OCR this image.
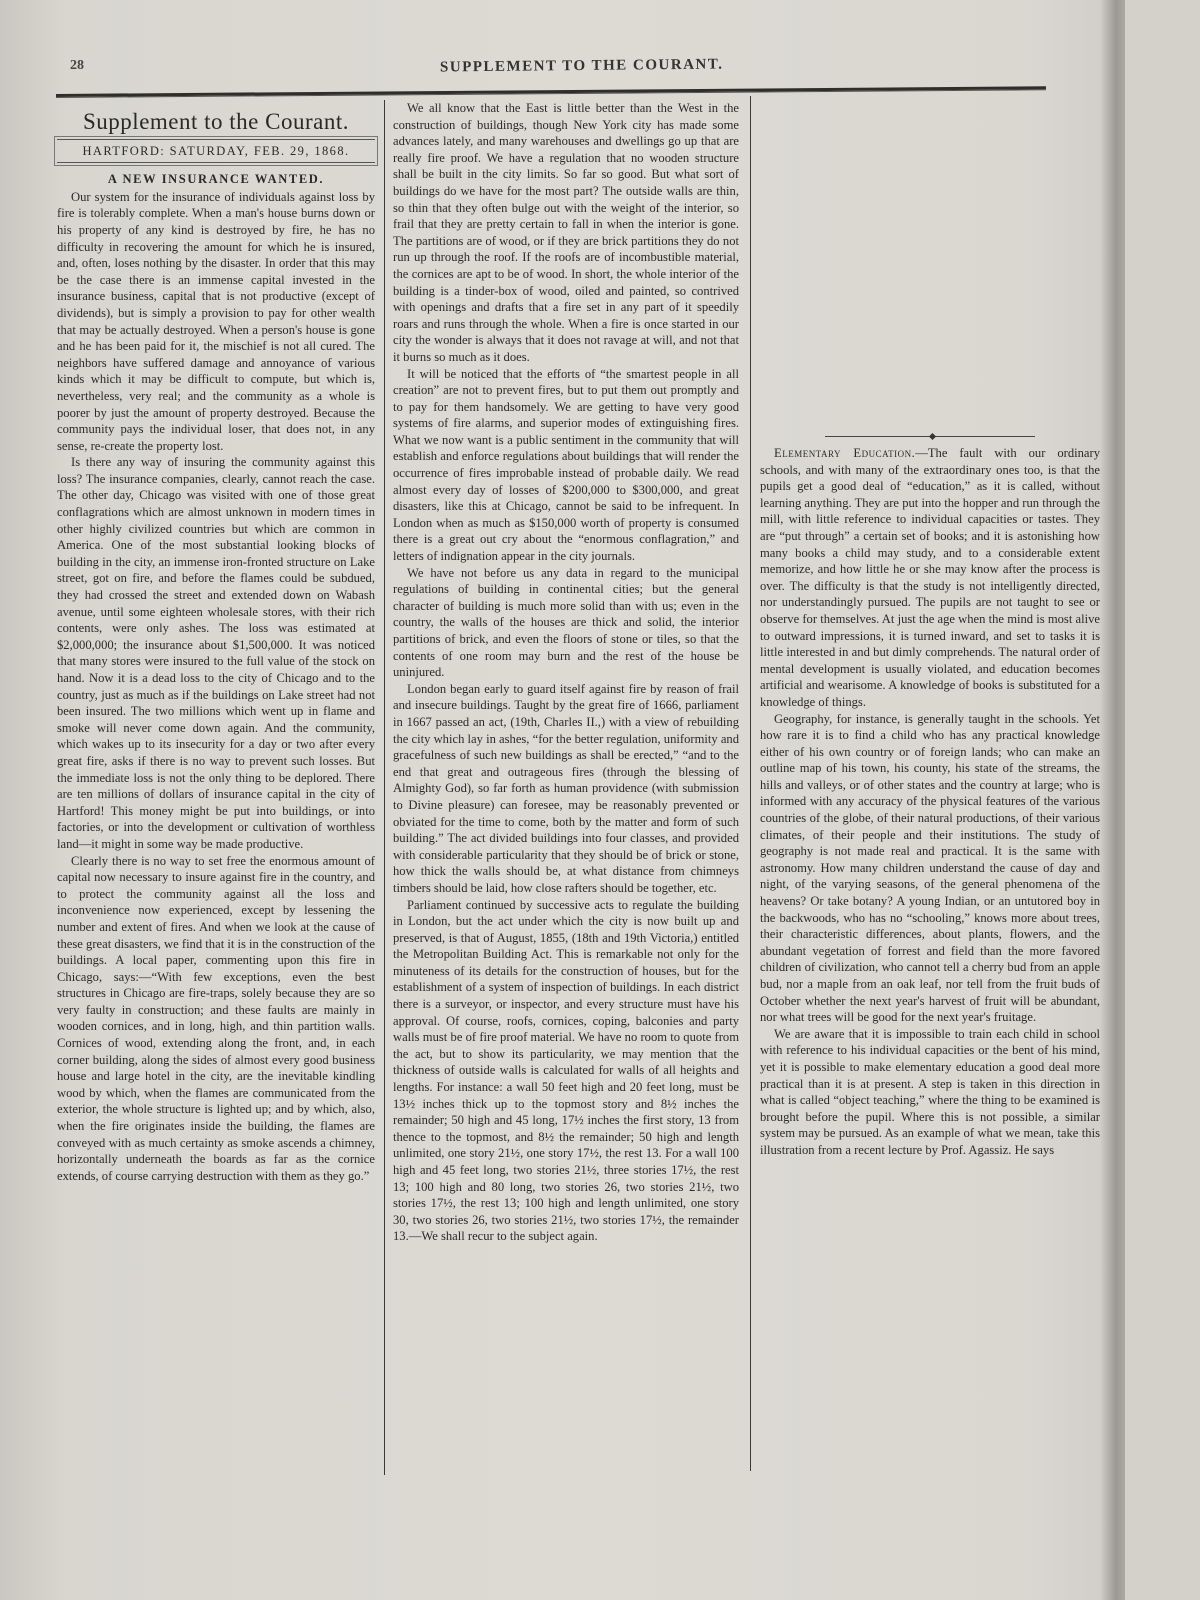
28	SUPPLEMENT TO THE COURANT.
Supplement to the Courant.
HARTFORD: SATURDAY, FEB. 29, 1868.
A NEW INSURANCE WANTED.

Our system for the insurance of individuals against loss by fire is tolerably complete. When a man's house burns down or his property of any kind is destroyed by fire, he has no difficulty in recovering the amount for which he is insured, and, often, loses nothing by the disaster. In order that this may be the case there is an immense capital invested in the insurance business, capital that is not productive (except of dividends), but is simply a provision to pay for other wealth that may be actually destroyed. When a person's house is gone and he has been paid for it, the mischief is not all cured. The neighbors have suffered damage and annoyance of various kinds which it may be difficult to compute, but which is, nevertheless, very real; and the community as a whole is poorer by just the amount of property destroyed. Because the community pays the individual loser, that does not, in any sense, re-create the property lost.

Is there any way of insuring the community against this loss? The insurance companies, clearly, cannot reach the case. The other day, Chicago was visited with one of those great conflagrations which are almost unknown in modern times in other highly civilized countries but which are common in America. One of the most substantial looking blocks of building in the city, an immense iron-fronted structure on Lake street, got on fire, and before the flames could be subdued, they had crossed the street and extended down on Wabash avenue, until some eighteen wholesale stores, with their rich contents, were only ashes. The loss was estimated at $2,000,000; the insurance about $1,500,000. It was noticed that many stores were insured to the full value of the stock on hand. Now it is a dead loss to the city of Chicago and to the country, just as much as if the buildings on Lake street had not been insured. The two millions which went up in flame and smoke will never come down again. And the community, which wakes up to its insecurity for a day or two after every great fire, asks if there is no way to prevent such losses. But the immediate loss is not the only thing to be deplored. There are ten millions of dollars of insurance capital in the city of Hartford! This money might be put into buildings, or into factories, or into the development or cultivation of worthless land—it might in some way be made productive.

Clearly there is no way to set free the enormous amount of capital now necessary to insure against fire in the country, and to protect the community against all the loss and inconvenience now experienced, except by lessening the number and extent of fires. And when we look at the cause of these great disasters, we find that it is in the construction of the buildings. A local paper, commenting upon this fire in Chicago, says:—“With few exceptions, even the best structures in Chicago are fire-traps, solely because they are so very faulty in construction; and these faults are mainly in wooden cornices, and in long, high, and thin partition walls. Cornices of wood, extending along the front, and, in each corner building, along the sides of almost every good business house and large hotel in the city, are the inevitable kindling wood by which, when the flames are communicated from the exterior, the whole structure is lighted up; and by which, also, when the fire originates inside the building, the flames are conveyed with as much certainty as smoke ascends a chimney, horizontally underneath the boards as far as the cornice extends, of course carrying destruction with them as they go.”

We all know that the East is little better than the West in the construction of buildings, though New York city has made some advances lately, and many warehouses and dwellings go up that are really fire proof. We have a regulation that no wooden structure shall be built in the city limits. So far so good. But what sort of buildings do we have for the most part? The outside walls are thin, so thin that they often bulge out with the weight of the interior, so frail that they are pretty certain to fall in when the interior is gone. The partitions are of wood, or if they are brick partitions they do not run up through the roof. If the roofs are of incombustible material, the cornices are apt to be of wood. In short, the whole interior of the building is a tinder-box of wood, oiled and painted, so contrived with openings and drafts that a fire set in any part of it speedily roars and runs through the whole. When a fire is once started in our city the wonder is always that it does not ravage at will, and not that it burns so much as it does.

It will be noticed that the efforts of “the smartest people in all creation” are not to prevent fires, but to put them out promptly and to pay for them handsomely. We are getting to have very good systems of fire alarms, and superior modes of extinguishing fires. What we now want is a public sentiment in the community that will establish and enforce regulations about buildings that will render the occurrence of fires improbable instead of probable daily. We read almost every day of losses of $200,000 to $300,000, and great disasters, like this at Chicago, cannot be said to be infrequent. In London when as much as $150,000 worth of property is consumed there is a great out cry about the “enormous conflagration,” and letters of indignation appear in the city journals.

We have not before us any data in regard to the municipal regulations of building in continental cities; but the general character of building is much more solid than with us; even in the country, the walls of the houses are thick and solid, the interior partitions of brick, and even the floors of stone or tiles, so that the contents of one room may burn and the rest of the house be uninjured.

London began early to guard itself against fire by reason of frail and insecure buildings. Taught by the great fire of 1666, parliament in 1667 passed an act, (19th, Charles II.,) with a view of rebuilding the city which lay in ashes, “for the better regulation, uniformity and gracefulness of such new buildings as shall be erected,” “and to the end that great and outrageous fires (through the blessing of Almighty God), so far forth as human providence (with submission to Divine pleasure) can foresee, may be reasonably prevented or obviated for the time to come, both by the matter and form of such building.” The act divided buildings into four classes, and provided with considerable particularity that they should be of brick or stone, how thick the walls should be, at what distance from chimneys timbers should be laid, how close rafters should be together, etc.

Parliament continued by successive acts to regulate the building in London, but the act under which the city is now built up and preserved, is that of August, 1855, (18th and 19th Victoria,) entitled the Metropolitan Building Act. This is remarkable not only for the minuteness of its details for the construction of houses, but for the establishment of a system of inspection of buildings. In each district there is a surveyor, or inspector, and every structure must have his approval. Of course, roofs, cornices, coping, balconies and party walls must be of fire proof material. We have no room to quote from the act, but to show its particularity, we may mention that the thickness of outside walls is calculated for walls of all heights and lengths. For instance: a wall 50 feet high and 20 feet long, must be 13½ inches thick up to the topmost story and 8½ inches the remainder; 50 high and 45 long, 17½ inches the first story, 13 from thence to the topmost, and 8½ the remainder; 50 high and length unlimited, one story 21½, one story 17½, the rest 13. For a wall 100 high and 45 feet long, two stories 21½, three stories 17½, the rest 13; 100 high and 80 long, two stories 26, two stories 21½, two stories 17½, the rest 13; 100 high and length unlimited, one story 30, two stories 26, two stories 21½, two stories 17½, the remainder 13.—We shall recur to the subject again.

Elementary Education.—The fault with our ordinary schools, and with many of the extraordinary ones too, is that the pupils get a good deal of “education,” as it is called, without learning anything. They are put into the hopper and run through the mill, with little reference to individual capacities or tastes. They are “put through” a certain set of books; and it is astonishing how many books a child may study, and to a considerable extent memorize, and how little he or she may know after the process is over. The difficulty is that the study is not intelligently directed, nor understandingly pursued. The pupils are not taught to see or observe for themselves. At just the age when the mind is most alive to outward impressions, it is turned inward, and set to tasks it is little interested in and but dimly comprehends. The natural order of mental development is usually violated, and education becomes artificial and wearisome. A knowledge of books is substituted for a knowledge of things.

Geography, for instance, is generally taught in the schools. Yet how rare it is to find a child who has any practical knowledge either of his own country or of foreign lands; who can make an outline map of his town, his county, his state of the streams, the hills and valleys, or of other states and the country at large; who is informed with any accuracy of the physical features of the various countries of the globe, of their natural productions, of their various climates, of their people and their institutions. The study of geography is not made real and practical. It is the same with astronomy. How many children understand the cause of day and night, of the varying seasons, of the general phenomena of the heavens? Or take botany? A young Indian, or an untutored boy in the backwoods, who has no “schooling,” knows more about trees, their characteristic differences, about plants, flowers, and the abundant vegetation of forrest and field than the more favored children of civilization, who cannot tell a cherry bud from an apple bud, nor a maple from an oak leaf, nor tell from the fruit buds of October whether the next year's harvest of fruit will be abundant, nor what trees will be good for the next year's fruitage.

We are aware that it is impossible to train each child in school with reference to his individual capacities or the bent of his mind, yet it is possible to make elementary education a good deal more practical than it is at present. A step is taken in this direction in what is called “object teaching,” where the thing to be examined is brought before the pupil. Where this is not possible, a similar system may be pursued. As an example of what we mean, take this illustration from a recent lecture by Prof. Agassiz. He says
